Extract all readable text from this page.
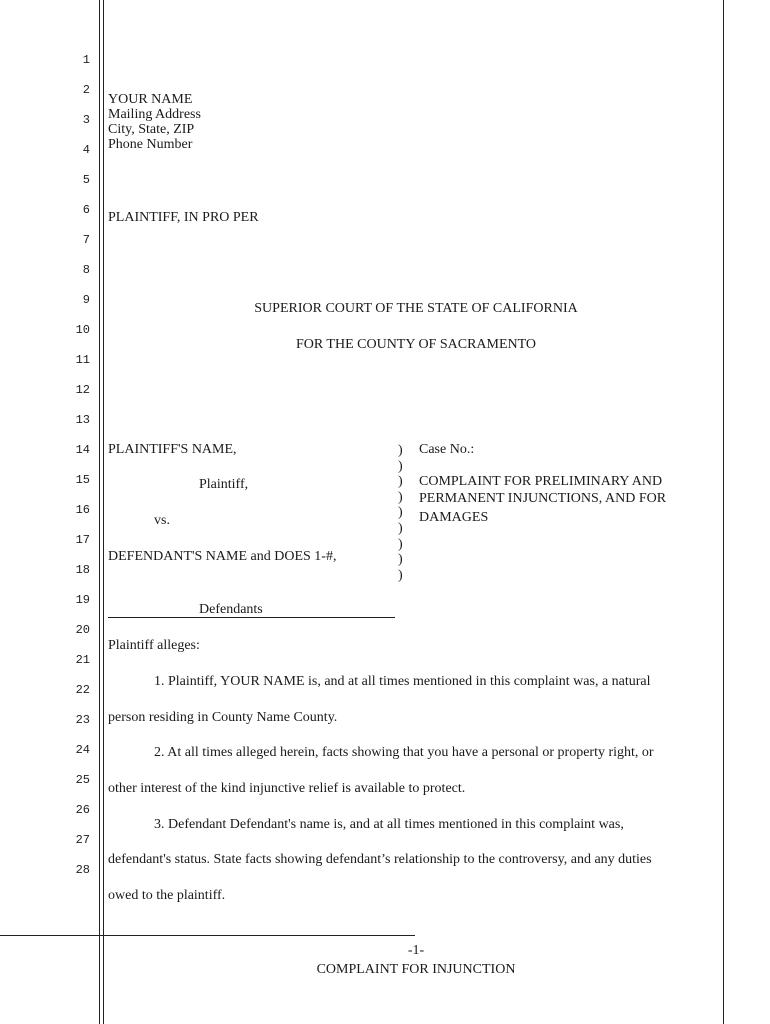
1
2
3
4
5
6
7
8
9
10
11
12
13
14
15
16
17
18
19
20
21
22
23
24
25
26
27
28
YOUR NAME
Mailing Address
City, State, ZIP
Phone Number
PLAINTIFF, IN PRO PER
SUPERIOR COURT OF THE STATE OF CALIFORNIA
FOR THE COUNTY OF SACRAMENTO
PLAINTIFF'S NAME,
Plaintiff,
vs.
DEFENDANT'S NAME and DOES 1-#,
Defendants
)
)
)
)
)
)
)
)
)
Case No.:
COMPLAINT FOR PRELIMINARY AND
PERMANENT INJUNCTIONS, AND FOR
DAMAGES
Plaintiff alleges:
1. Plaintiff, YOUR NAME is, and at all times mentioned in this complaint was, a natural
person residing in County Name County.
2. At all times alleged herein, facts showing that you have a personal or property right, or
other interest of the kind injunctive relief is available to protect.
3. Defendant Defendant's name is, and at all times mentioned in this complaint was,
defendant's status. State facts showing defendant’s relationship to the controversy, and any duties
owed to the plaintiff.
-1-
COMPLAINT FOR INJUNCTION
